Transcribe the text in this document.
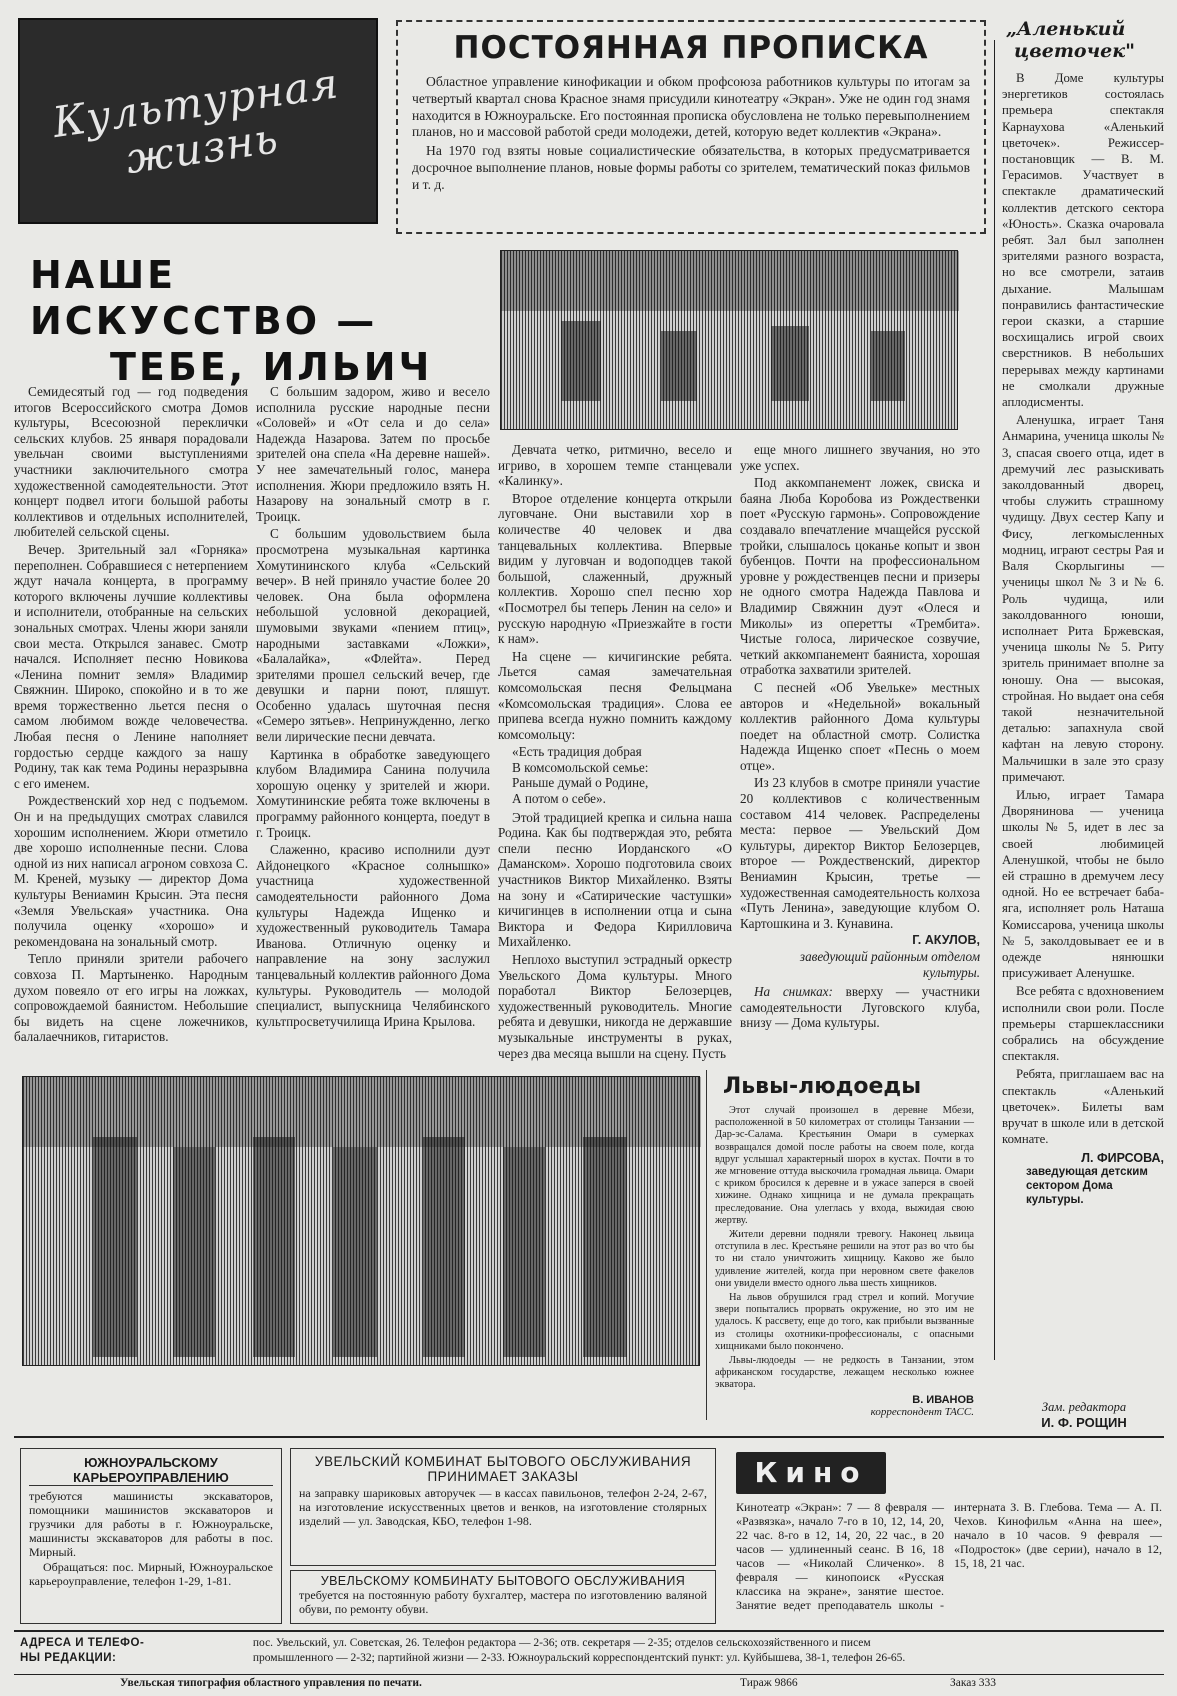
Культурная жизнь
ПОСТОЯННАЯ ПРОПИСКА

Областное управление кинофикации и обком профсоюза работников культуры по итогам за четвертый квартал снова Красное знамя присудили кинотеатру «Экран». Уже не один год знамя находится в Южноуральске. Его постоянная прописка обусловлена не только перевыполнением планов, но и массовой работой среди молодежи, детей, которую ведет коллектив «Экрана».

На 1970 год взяты новые социалистические обязательства, в которых предусматривается досрочное выполнение планов, новые формы работы со зрителем, тематический показ фильмов и т. д.

„Аленький
цветочек"

В Доме культуры энергетиков состоялась премьера спектакля Карнаухова «Аленький цветочек». Режиссер-постановщик — В. М. Герасимов. Участвует в спектакле драматический коллектив детского сектора «Юность». Сказка очаровала ребят. Зал был заполнен зрителями разного возраста, но все смотрели, затаив дыхание. Малышам понравились фантастические герои сказки, а старшие восхищались игрой своих сверстников. В небольших перерывах между картинами не смолкали дружные аплодисменты.

Аленушка, играет Таня Анмарина, ученица школы № 3, спасая своего отца, идет в дремучий лес разыскивать заколдованный дворец, чтобы служить страшному чудищу. Двух сестер Капу и Фису, легкомысленных модниц, играют сестры Рая и Валя Скорлыгины — ученицы школ № 3 и № 6. Роль чудища, или заколдованного юноши, исполнает Рита Бржевская, ученица школы № 5. Риту зритель принимает вполне за юношу. Она — высокая, стройная. Но выдает она себя такой незначительной деталью: запахнула свой кафтан на левую сторону. Мальчишки в зале это сразу примечают.

Илью, играет Тамара Дворянинова — ученица школы № 5, идет в лес за своей любимицей Аленушкой, чтобы не было ей страшно в дремучем лесу одной. Но ее встречает баба-яга, исполняет роль Наташа Комиссарова, ученица школы № 5, заколдовывает ее и в одежде нянюшки присуживает Аленушке.

Все ребята с вдохновением исполнили свои роли. После премьеры старшеклассники собрались на обсуждение спектакля.

Ребята, приглашаем вас на спектакль «Аленький цветочек». Билеты вам вручат в школе или в детской комнате.

Л. ФИРСОВА,
заведующая детским сектором Дома культуры.
НАШЕ ИСКУССТВО —
ТЕБЕ, ИЛЬИЧ

Семидесятый год — год подведения итогов Всероссийского смотра Домов культуры, Всесоюзной переклички сельских клубов. 25 января порадовали увельчан своими выступлениями участники заключительного смотра художественной самодеятельности. Этот концерт подвел итоги большой работы коллективов и отдельных исполнителей, любителей сельской сцены.

Вечер. Зрительный зал «Горняка» переполнен. Собравшиеся с нетерпением ждут начала концерта, в программу которого включены лучшие коллективы и исполнители, отобранные на сельских зональных смотрах. Члены жюри заняли свои места. Открылся занавес. Смотр начался. Исполняет песню Новикова «Ленина помнит земля» Владимир Свяжнин. Широко, спокойно и в то же время торжественно льется песня о самом любимом вожде человечества. Любая песня о Ленине наполняет гордостью сердце каждого за нашу Родину, так как тема Родины неразрывна с его именем.

Рождественский хор нед с подъемом. Он и на предыдущих смотрах славился хорошим исполнением. Жюри отметило две хорошо исполненные песни. Слова одной из них написал агроном совхоза С. М. Креней, музыку — директор Дома культуры Вениамин Крысин. Эта песня «Земля Увельская» участника. Она получила оценку «хорошо» и рекомендована на зональный смотр.

Тепло приняли зрители рабочего совхоза П. Мартыненко. Народным духом повеяло от его игры на ложках, сопровождаемой баянистом. Небольшие бы видеть на сцене ложечников, балалаечников, гитаристов.

С большим задором, живо и весело исполнила русские народные песни «Соловей» и «От села и до села» Надежда Назарова. Затем по просьбе зрителей она спела «На деревне нашей». У нее замечательный голос, манера исполнения. Жюри предложило взять Н. Назарову на зональный смотр в г. Троицк.

С большим удовольствием была просмотрена музыкальная картинка Хомутининского клуба «Сельский вечер». В ней приняло участие более 20 человек. Она была оформлена небольшой условной декорацией, шумовыми звуками «пением птиц», народными заставками «Ложки», «Балалайка», «Флейта». Перед зрителями прошел сельский вечер, где девушки и парни поют, пляшут. Особенно удалась шуточная песня «Семеро зятьев». Непринужденно, легко вели лирические песни девчата.

Картинка в обработке заведующего клубом Владимира Санина получила хорошую оценку у зрителей и жюри. Хомутининские ребята тоже включены в программу районного концерта, поедут в г. Троицк.

Слаженно, красиво исполнили дуэт Айдонецкого «Красное солнышко» участница художественной самодеятельности районного Дома культуры Надежда Ищенко и художественный руководитель Тамара Иванова. Отличную оценку и направление на зону заслужил танцевальный коллектив районного Дома культуры. Руководитель — молодой специалист, выпускница Челябинского культпросветучилища Ирина Крылова.

Девчата четко, ритмично, весело и игриво, в хорошем темпе станцевали «Калинку».

Второе отделение концерта открыли луговчане. Они выставили хор в количестве 40 человек и два танцевальных коллектива. Впервые видим у луговчан и водоподцев такой большой, слаженный, дружный коллектив. Хорошо спел песню хор «Посмотрел бы теперь Ленин на село» и русскую народную «Приезжайте в гости к нам».

На сцене — кичигинские ребята. Льется самая замечательная комсомольская песня Фельцмана «Комсомольская традиция». Слова ее припева всегда нужно помнить каждому комсомольцу:

«Есть традиция добрая
В комсомольской семье:
Раньше думай о Родине,
А потом о себе».

Этой традицией крепка и сильна наша Родина. Как бы подтверждая это, ребята спели песню Иорданского «О Даманском». Хорошо подготовила своих участников Виктор Михайленко. Взяты на зону и «Сатирические частушки» кичигинцев в исполнении отца и сына Викторa и Федора Кирилловича Михайленко.

Неплохо выступил эстрадный оркестр Увельского Дома культуры. Много поработал Виктор Белозерцев, художественный руководитель. Многие ребята и девушки, никогда не державшие музыкальные инструменты в руках, через два месяца вышли на сцену. Пусть

еще много лишнего звучания, но это уже успех.

Под аккомпанемент ложек, свиcка и баяна Люба Коробова из Рождественки поет «Русскую гармонь». Сопровождение создавало впечатление мчащейся русской тройки, слышалось цоканье копыт и звон бубенцов. Почти на профессиональном уровне у рождественцев песни и призеры не одного смотра Надежда Павлова и Владимир Свяжнин дуэт «Олеся и Миколы» из оперетты «Трембита». Чистые голоса, лирическое созвучие, четкий аккомпанемент баяниста, хорошая отработка захватили зрителей.

С песней «Об Увельке» местных авторов и «Недельной» вокальный коллектив районного Дома культуры поедет на областной смотр. Солистка Надежда Ищенко споет «Песнь о моем отце».

Из 23 клубов в смотре приняли участие 20 коллективов с количественным составом 414 человек. Распределены места: первое — Увельский Дом культуры, директор Виктор Белозерцев, второе — Рождественский, директор Вениамин Крысин, третье — художественная самодеятельность колхоза «Путь Ленина», заведующие клубом О. Картошкина и З. Кунавина.

Г. АКУЛОВ,
заведующий районным отделом культуры.

На снимках: вверху — участники самодеятельности Луговского клуба, внизу — Дома культуры.

Львы-людоеды

Этот случай произошел в деревне Мбези, расположенной в 50 километрах от столицы Танзании — Дар-эс-Салама. Крестьянин Омари в сумерках возвращался домой после работы на своем поле, когда вдруг услышал характерный шорох в кустах. Почти в то же мгновение оттуда выскочила громадная львица. Омари с криком бросился к деревне и в ужасе заперся в своей хижине. Однако хищница и не думала прекращать преследование. Она улеглась у входа, выжидая свою жертву.

Жители деревни подняли тревогу. Наконец львица отступила в лес. Крестьяне решили на этот раз во что бы то ни стало уничтожить хищницу. Каково же было удивление жителей, когда при неровном свете факелов они увидели вместо одного льва шесть хищников.

На львов обрушился град стрел и копий. Могучие звери попытались прорвать окружение, но это им не удалось. К рассвету, еще до того, как прибыли вызванные из столицы охотники-профессионалы, с опасными хищниками было покончено.

Львы-людоеды — не редкость в Танзании, этом африканском государстве, лежащем несколько южнее экватора.

В. ИВАНОВ
корреспондент ТАСС.	Зам. редактора
И. Ф. РОЩИН
ЮЖНОУРАЛЬСКОМУ
КАРЬЕРОУПРАВЛЕНИЮ

требуются машинисты экскаваторов, помощники машинистов экскаваторов и грузчики для работы в г. Южноуральске, машинисты экскаваторов для работы в пос. Мирный.

Обращаться: пос. Мирный, Южноуральское карьероуправление, телефон 1-29, 1-81.

УВЕЛЬСКИЙ КОМБИНАТ БЫТОВОГО ОБСЛУЖИВАНИЯ
ПРИНИМАЕТ ЗАКАЗЫ
на заправку шариковых авторучек — в кассах павильонов, телефон 2-24, 2-67, на изготовление искусственных цветов и венков, на изготовление столярных изделий — ул. Заводская, КБО, телефон 1-98.
УВЕЛЬСКОМУ КОМБИНАТУ БЫТОВОГО ОБСЛУЖИВАНИЯ
требуется на постоянную работу бухгалтер, мастера по изготовлению валяной обуви, по ремонту обуви.
Кино
Кинотеатр «Экран»: 7 — 8 февраля — «Развязка», начало 7-го в 10, 12, 14, 20, 22 час. 8-го в 12, 14, 20, 22 час., в 20 часов — удлиненный сеанс. В 16, 18 часов — «Николай Сличенко». 8 февраля — кинопоиск «Русская классика на экране», занятие шестое. Занятие ведет преподаватель школы - интерната З. В. Глебова. Тема — А. П. Чехов. Кинофильм «Анна на шее», начало в 10 часов. 9 февраля — «Подросток» (две серии), начало в 12, 15, 18, 21 час.
АДРЕСА И ТЕЛЕФО-	пос. Увельский, ул. Советская, 26. Телефон редактора — 2-36; отв. секретаря — 2-35; отделов сельскохозяйственного и писем
НЫ РЕДАКЦИИ:	промышленного — 2-32; партийной жизни — 2-33. Южноуральский корреспондентский пункт: ул. Куйбышева, 38-1, телефон 26-65.
Увельская типография областного управления по печати.	Тираж 9866	Заказ 333
